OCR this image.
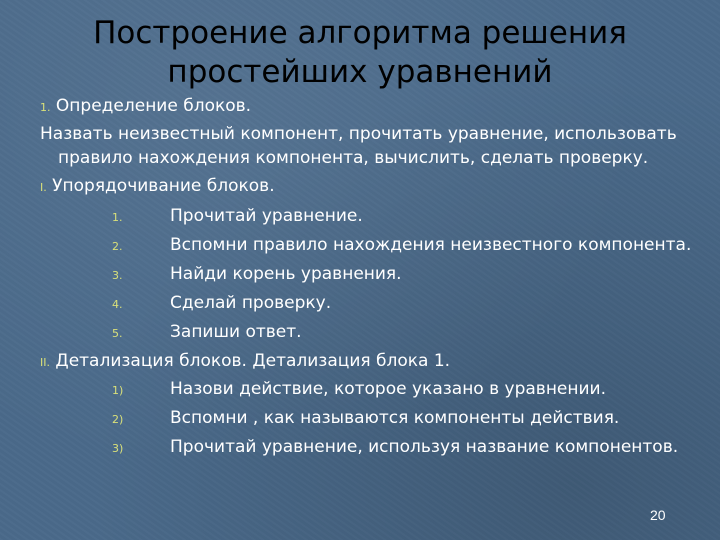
Построение алгоритма решения
простейших уравнений
1. Определение блоков.
Назвать неизвестный компонент, прочитать уравнение, использовать
правило нахождения компонента, вычислить, сделать проверку.
I. Упорядочивание блоков.
1.	Прочитай уравнение.
2.	Вспомни правило нахождения неизвестного компонента.
3.	Найди корень уравнения.
4.	Сделай проверку.
5.	Запиши ответ.
II. Детализация блоков. Детализация блока 1.
1)	Назови действие, которое указано в уравнении.
2)	Вспомни , как называются компоненты действия.
3)	Прочитай уравнение, используя название компонентов.
20
